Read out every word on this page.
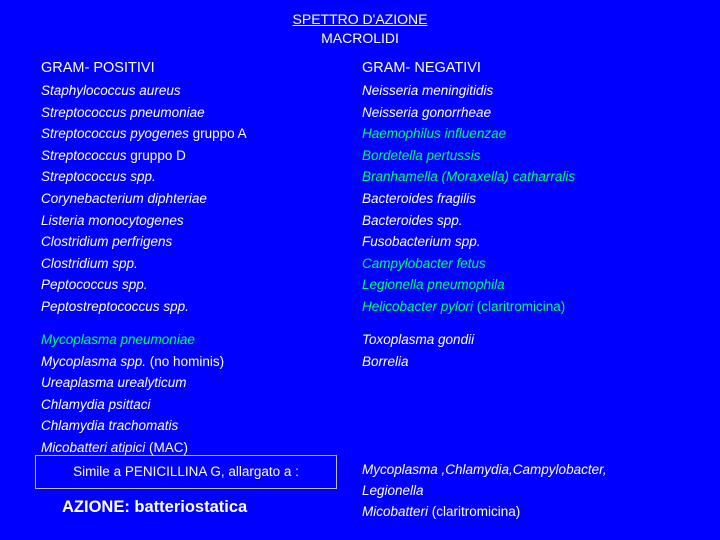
SPETTRO D'AZIONE
MACROLIDI
GRAM- POSITIVI	GRAM- NEGATIVI
Staphylococcus aureus
Streptococcus pneumoniae
Streptococcus pyogenes gruppo A
Streptococcus gruppo D
Streptococcus spp.
Corynebacterium diphteriae
Listeria monocytogenes
Clostridium perfrigens
Clostridium spp.
Peptococcus spp.
Peptostreptococcus spp.
Neisseria meningitidis
Neisseria gonorrheae
Haemophilus influenzae
Bordetella pertussis
Branhamella (Moraxella) catharralis
Bacteroides fragilis
Bacteroides spp.
Fusobacterium spp.
Campylobacter fetus
Legionella pneumophila
Helicobacter pylori (claritromicina)
Mycoplasma pneumoniae
Mycoplasma spp. (no hominis)
Ureaplasma urealyticum
Chlamydia psittaci
Chlamydia trachomatis
Micobatteri atipici (MAC)
Toxoplasma gondii
Borrelia
Simile a PENICILLINA G, allargato a :	Mycoplasma ,Chlamydia,Campylobacter,
Legionella
Micobatteri (claritromicina)
AZIONE: batteriostatica
